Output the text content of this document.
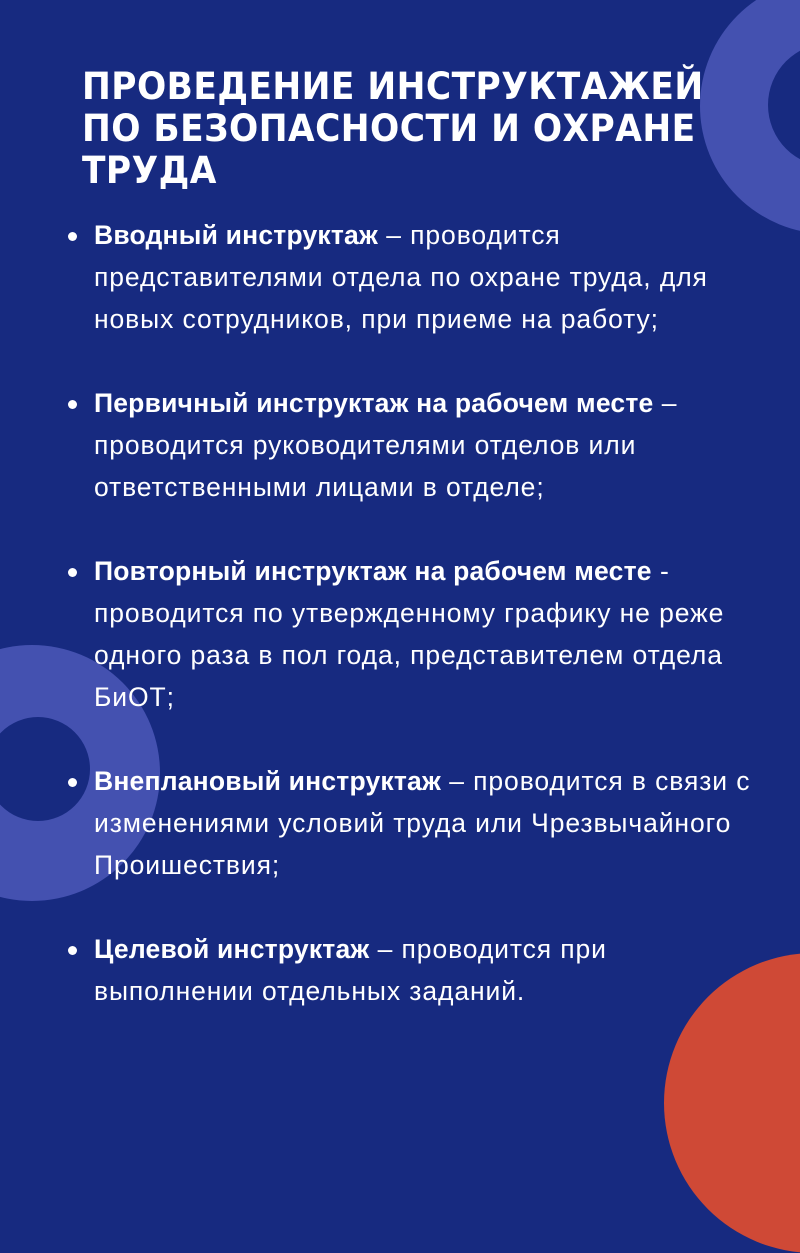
ПРОВЕДЕНИЕ ИНСТРУКТАЖЕЙ
ПО БЕЗОПАСНОСТИ И ОХРАНЕ
ТРУДА
Вводный инструктаж – проводится представителями отдела по охране труда, для новых сотрудников, при приеме на работу;
Первичный инструктаж на рабочем месте – проводится руководителями отделов или ответственными лицами в отделе;
Повторный инструктаж на рабочем месте - проводится по утвержденному графику не реже одного раза в пол года, представителем отдела БиОТ;
Внеплановый инструктаж – проводится в связи с изменениями условий труда или Чрезвычайного Проишествия;
Целевой инструктаж – проводится при выполнении отдельных заданий.
